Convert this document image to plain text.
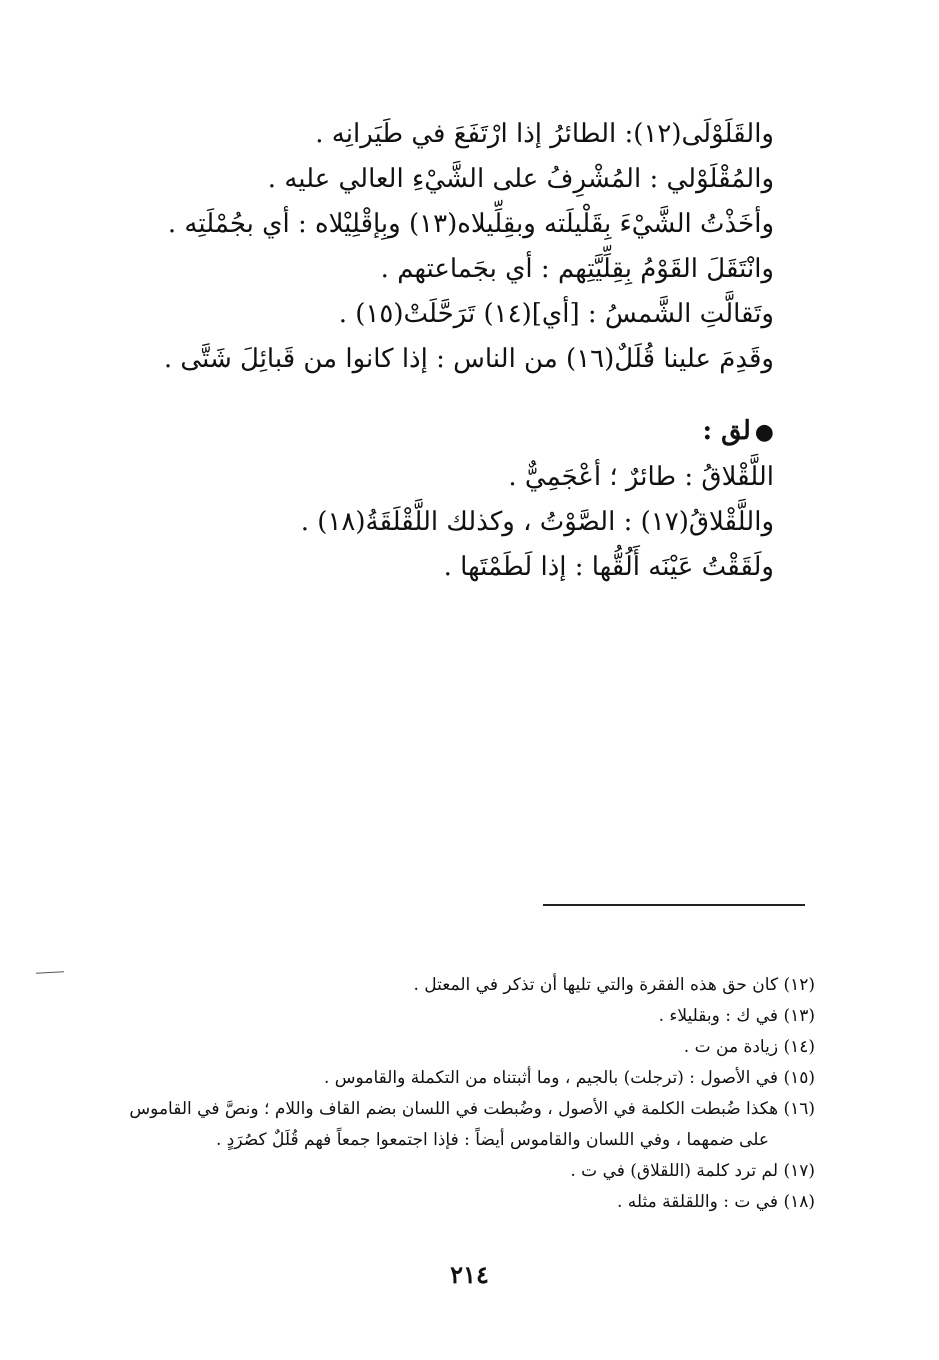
والقَلَوْلَى(١٢): الطائرُ إذا ارْتَفَعَ في طَيَرانِه .
والمُقْلَوْلي : المُشْرِفُ على الشَّيْءِ العالي عليه .
وأخَذْتُ الشَّيْءَ بِقَلْيلَته وبقِلِّيلاه(١٣) وبِإقْلِيْلاه : أي بجُمْلَتِه .
وانْتَقَلَ القَوْمُ بِقِلِّيَّتِهم : أي بجَماعتهم .
وتَقالَّتِ الشَّمسُ : [أي](١٤) تَرَحَّلَتْ(١٥) .
وقَدِمَ علينا قُلَلٌ(١٦) من الناس : إذا كانوا من قَبائِلَ شَتَّى .
●لق :
اللَّقْلاقُ : طائرٌ ؛ أعْجَمِيٌّ .
واللَّقْلاقُ(١٧) : الصَّوْتُ ، وكذلك اللَّقْلَقَةُ(١٨) .
ولَقَقْتُ عَيْنَه أَلُقُّها : إذا لَطَمْتَها .
(١٢) كان حق هذه الفقرة والتي تليها أن تذكر في المعتل .
(١٣) في ك : وبقليلاء .
(١٤) زيادة من ت .
(١٥) في الأصول : (ترجلت) بالجيم ، وما أثبتناه من التكملة والقاموس .
(١٦) هكذا ضُبطت الكلمة في الأصول ، وضُبطت في اللسان بضم القاف واللام ؛ ونصَّ في القاموس
على ضمهما ، وفي اللسان والقاموس أيضاً : فإذا اجتمعوا جمعاً فهم قُلَلٌ كصُرَدٍ .
(١٧) لم ترد كلمة (اللقلاق) في ت .
(١٨) في ت : واللقلقة مثله .
٢١٤
